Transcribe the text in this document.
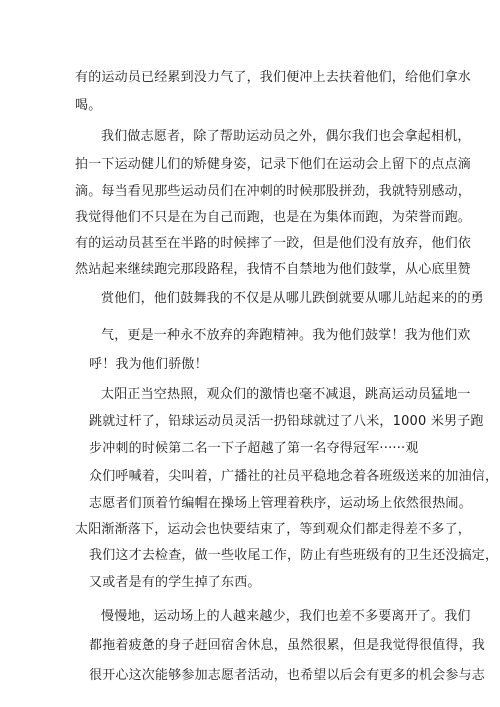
有的运动员已经累到没力气了，我们便冲上去扶着他们，给他们拿水
喝。
我们做志愿者，除了帮助运动员之外，偶尔我们也会拿起相机，
拍一下运动健儿们的矫健身姿，记录下他们在运动会上留下的点点滴
滴。每当看见那些运动员们在冲刺的时候那股拼劲，我就特别感动，
我觉得他们不只是在为自己而跑，也是在为集体而跑，为荣誉而跑。
有的运动员甚至在半路的时候摔了一跤，但是他们没有放弃，他们依
然站起来继续跑完那段路程，我情不自禁地为他们鼓掌，从心底里赞
赏他们，他们鼓舞我的不仅是从哪儿跌倒就要从哪儿站起来的的勇
气，更是一种永不放弃的奔跑精神。我为他们鼓掌！我为他们欢
呼！我为他们骄傲！
太阳正当空热照，观众们的激情也毫不减退，跳高运动员猛地一
跳就过杆了，铅球运动员灵活一扔铅球就过了八米，1000 米男子跑
步冲刺的时候第二名一下子超越了第一名夺得冠军······观
众们呼喊着，尖叫着，广播社的社员平稳地念着各班级送来的加油信，
志愿者们顶着竹编帽在操场上管理着秩序，运动场上依然很热闹。
太阳渐渐落下，运动会也快要结束了，等到观众们都走得差不多了，
我们这才去检查，做一些收尾工作，防止有些班级有的卫生还没搞定，
又或者是有的学生掉了东西。
慢慢地，运动场上的人越来越少，我们也差不多要离开了。我们
都拖着疲惫的身子赶回宿舍休息，虽然很累，但是我觉得很值得，我
很开心这次能够参加志愿者活动，也希望以后会有更多的机会参与志
